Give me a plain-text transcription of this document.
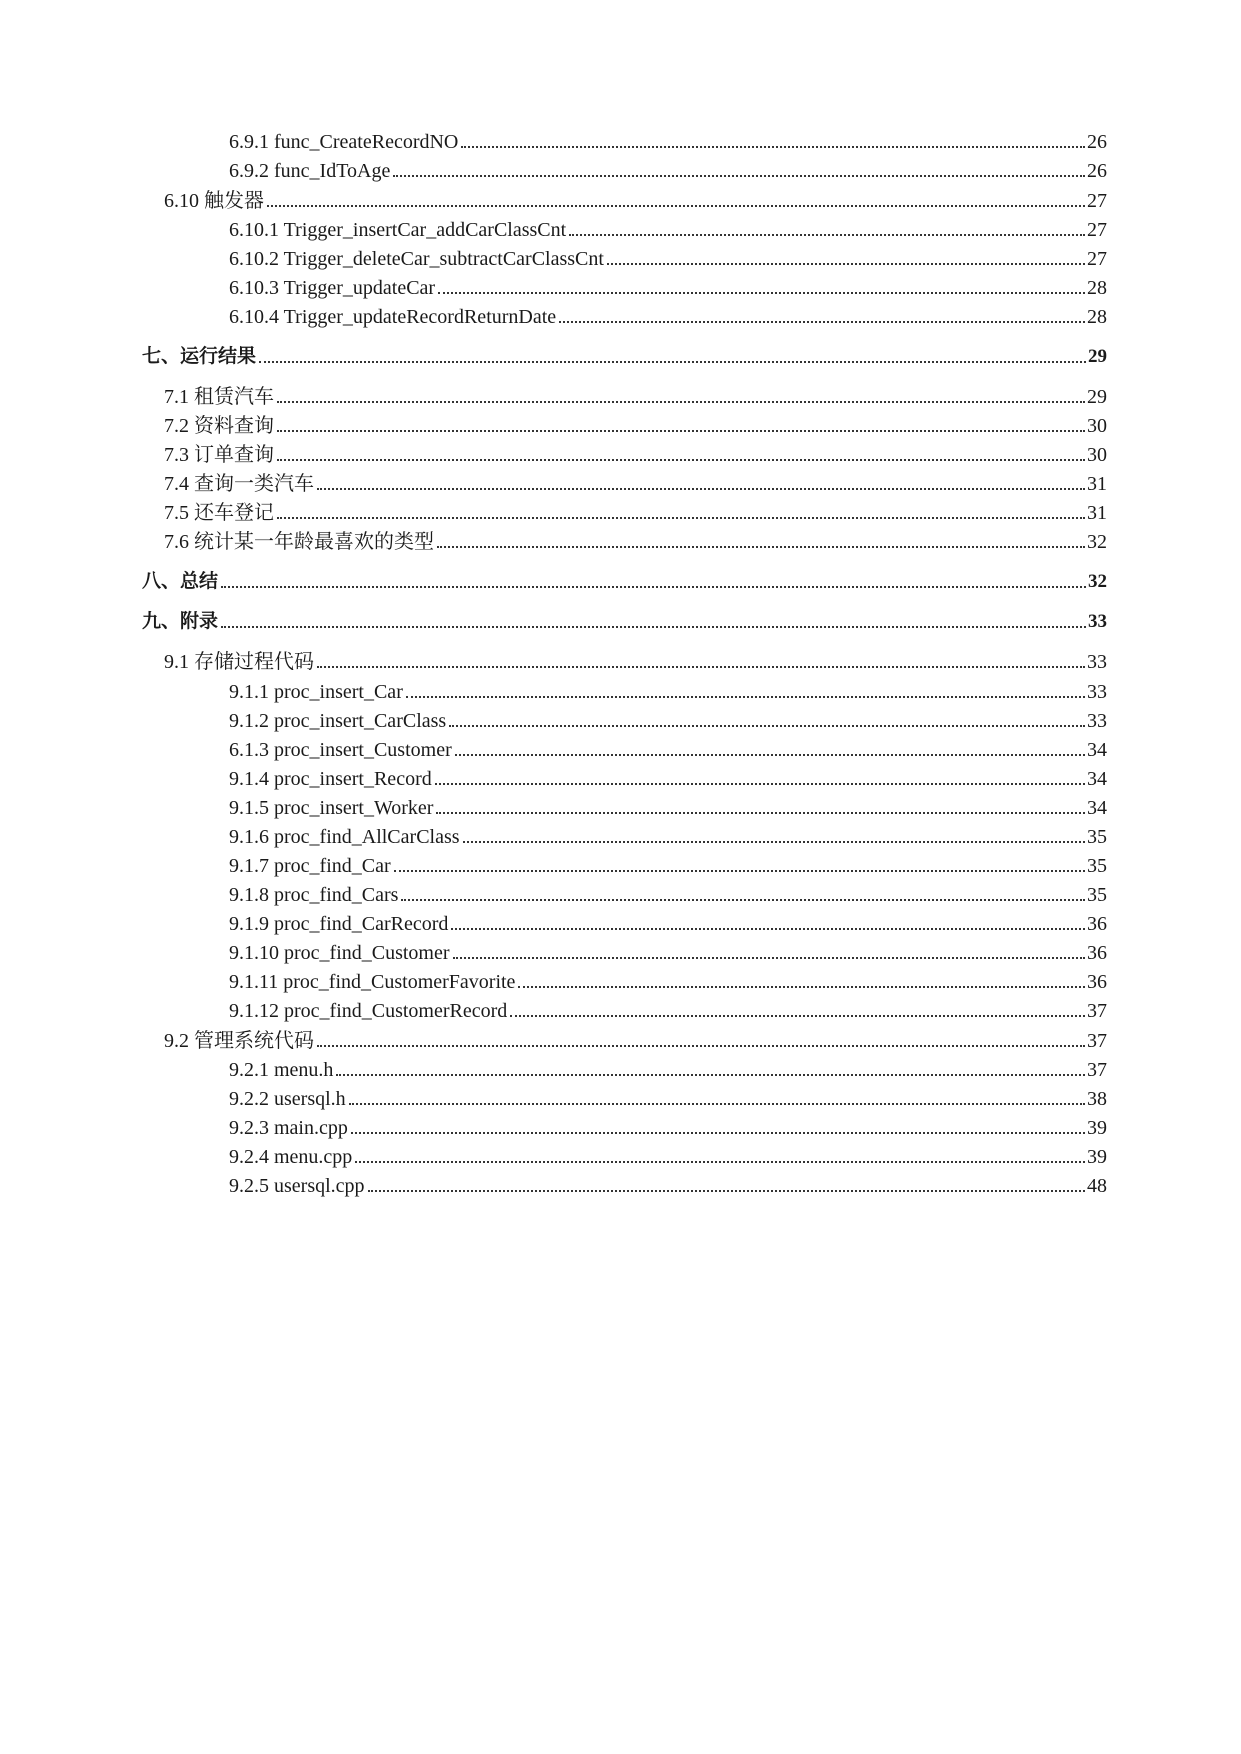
6.9.1 func_CreateRecordNO	26
6.9.2 func_IdToAge	26
6.10 触发器	27
6.10.1 Trigger_insertCar_addCarClassCnt	27
6.10.2 Trigger_deleteCar_subtractCarClassCnt	27
6.10.3 Trigger_updateCar	28
6.10.4 Trigger_updateRecordReturnDate	28
七、运行结果	29
7.1 租赁汽车	29
7.2 资料查询	30
7.3 订单查询	30
7.4 查询一类汽车	31
7.5 还车登记	31
7.6 统计某一年龄最喜欢的类型	32
八、总结	32
九、附录	33
9.1 存储过程代码	33
9.1.1 proc_insert_Car	33
9.1.2 proc_insert_CarClass	33
6.1.3 proc_insert_Customer	34
9.1.4 proc_insert_Record	34
9.1.5 proc_insert_Worker	34
9.1.6 proc_find_AllCarClass	35
9.1.7 proc_find_Car	35
9.1.8 proc_find_Cars	35
9.1.9 proc_find_CarRecord	36
9.1.10 proc_find_Customer	36
9.1.11 proc_find_CustomerFavorite	36
9.1.12 proc_find_CustomerRecord	37
9.2 管理系统代码	37
9.2.1 menu.h	37
9.2.2 usersql.h	38
9.2.3 main.cpp	39
9.2.4 menu.cpp	39
9.2.5 usersql.cpp	48
